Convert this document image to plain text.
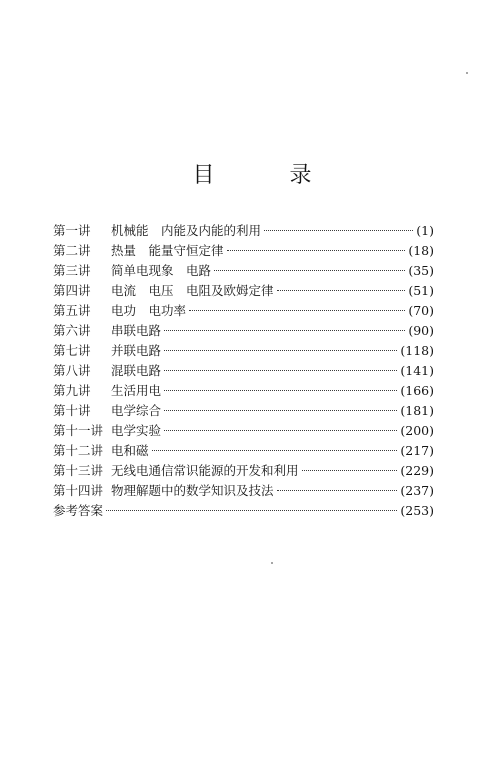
目 录
第一讲	机械能　内能及内能的利用	(1)
第二讲	热量　能量守恒定律	(18)
第三讲	简单电现象　电路	(35)
第四讲	电流　电压　电阻及欧姆定律	(51)
第五讲	电功　电功率	(70)
第六讲	串联电路	(90)
第七讲	并联电路	(118)
第八讲	混联电路	(141)
第九讲	生活用电	(166)
第十讲	电学综合	(181)
第十一讲 电学实验	(200)
第十二讲 电和磁	(217)
第十三讲 无线电通信常识能源的开发和利用	(229)
第十四讲 物理解题中的数学知识及技法	(237)
参考答案	(253)
